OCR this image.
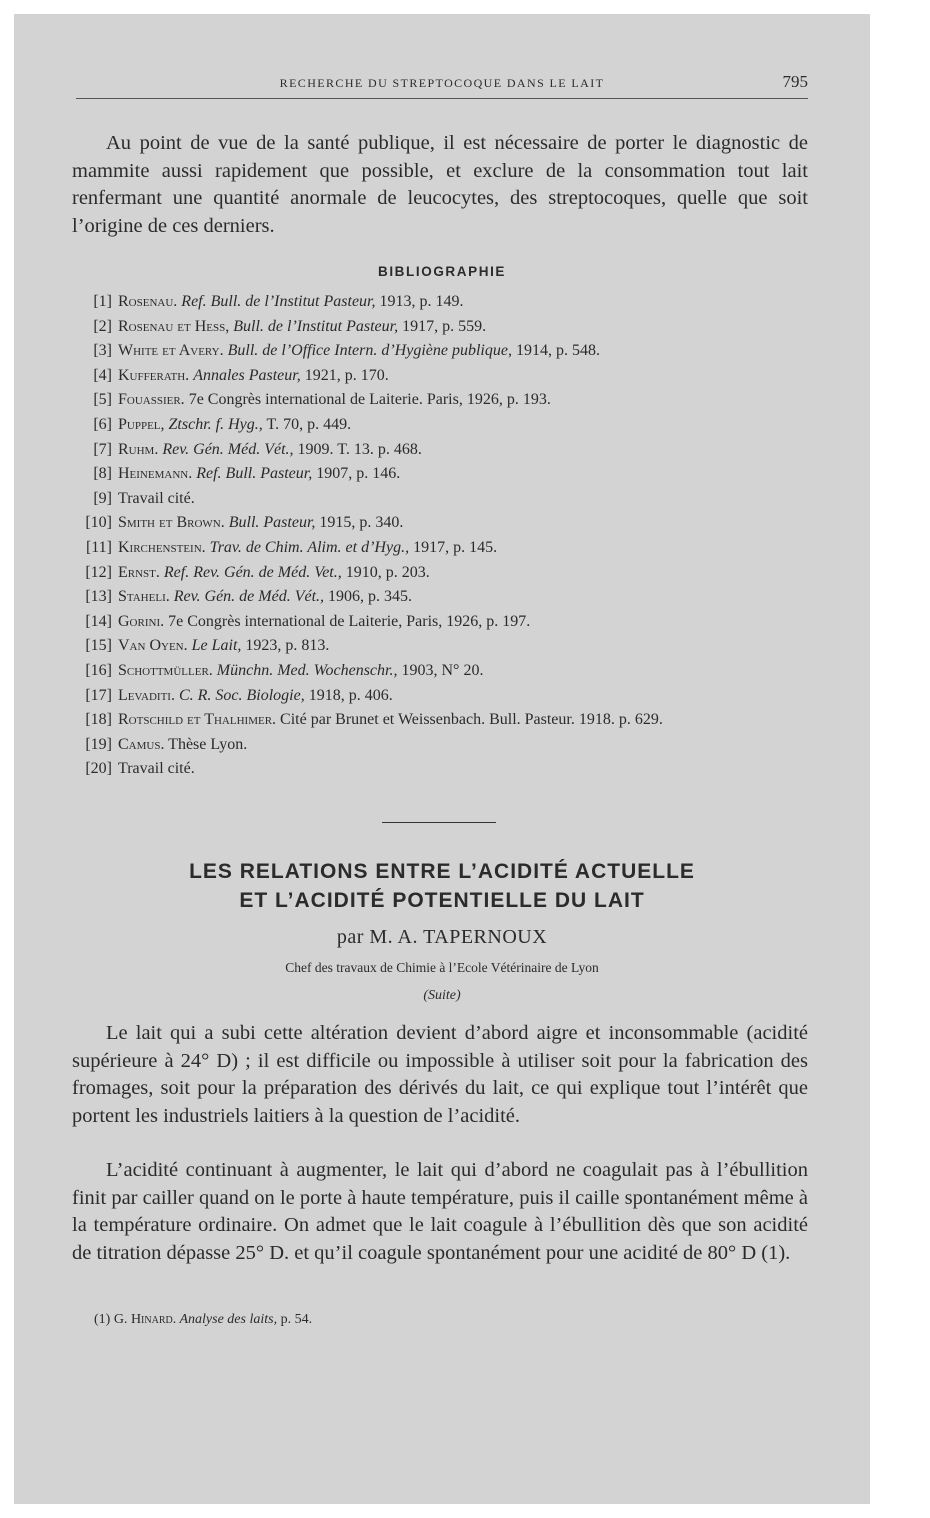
RECHERCHE DU STREPTOCOQUE DANS LE LAIT	795

Au point de vue de la santé publique, il est nécessaire de porter le diagnostic de mammite aussi rapidement que possible, et exclure de la consommation tout lait renfermant une quantité anormale de leucocytes, des streptocoques, quelle que soit l’origine de ces derniers.

BIBLIOGRAPHIE
[1] Rosenau. Ref. Bull. de l’Institut Pasteur, 1913, p. 149.
[2] Rosenau et Hess, Bull. de l’Institut Pasteur, 1917, p. 559.
[3] White et Avery. Bull. de l’Office Intern. d’Hygiène publique, 1914, p. 548.
[4] Kufferath. Annales Pasteur, 1921, p. 170.
[5] Fouassier. 7e Congrès international de Laiterie. Paris, 1926, p. 193.
[6] Puppel, Ztschr. f. Hyg., T. 70, p. 449.
[7] Ruhm. Rev. Gén. Méd. Vét., 1909. T. 13. p. 468.
[8] Heinemann. Ref. Bull. Pasteur, 1907, p. 146.
[9] Travail cité.
[10] Smith et Brown. Bull. Pasteur, 1915, p. 340.
[11] Kirchenstein. Trav. de Chim. Alim. et d’Hyg., 1917, p. 145.
[12] Ernst. Ref. Rev. Gén. de Méd. Vet., 1910, p. 203.
[13] Staheli. Rev. Gén. de Méd. Vét., 1906, p. 345.
[14] Gorini. 7e Congrès international de Laiterie, Paris, 1926, p. 197.
[15] Van Oyen. Le Lait, 1923, p. 813.
[16] Schottmüller. Münchn. Med. Wochenschr., 1903, N° 20.
[17] Levaditi. C. R. Soc. Biologie, 1918, p. 406.
[18] Rotschild et Thalhimer. Cité par Brunet et Weissenbach. Bull. Pasteur. 1918. p. 629.
[19] Camus. Thèse Lyon.
[20] Travail cité.
LES RELATIONS ENTRE L’ACIDITÉ ACTUELLE
ET L’ACIDITÉ POTENTIELLE DU LAIT
par M. A. TAPERNOUX
Chef des travaux de Chimie à l’Ecole Vétérinaire de Lyon
(Suite)

Le lait qui a subi cette altération devient d’abord aigre et inconsommable (acidité supérieure à 24° D) ; il est difficile ou impossible à utiliser soit pour la fabrication des fromages, soit pour la préparation des dérivés du lait, ce qui explique tout l’intérêt que portent les industriels laitiers à la question de l’acidité.

L’acidité continuant à augmenter, le lait qui d’abord ne coagulait pas à l’ébullition finit par cailler quand on le porte à haute température, puis il caille spontanément même à la température ordinaire. On admet que le lait coagule à l’ébullition dès que son acidité de titration dépasse 25° D. et qu’il coagule spontanément pour une acidité de 80° D (1).

(1) G. Hinard. Analyse des laits, p. 54.
